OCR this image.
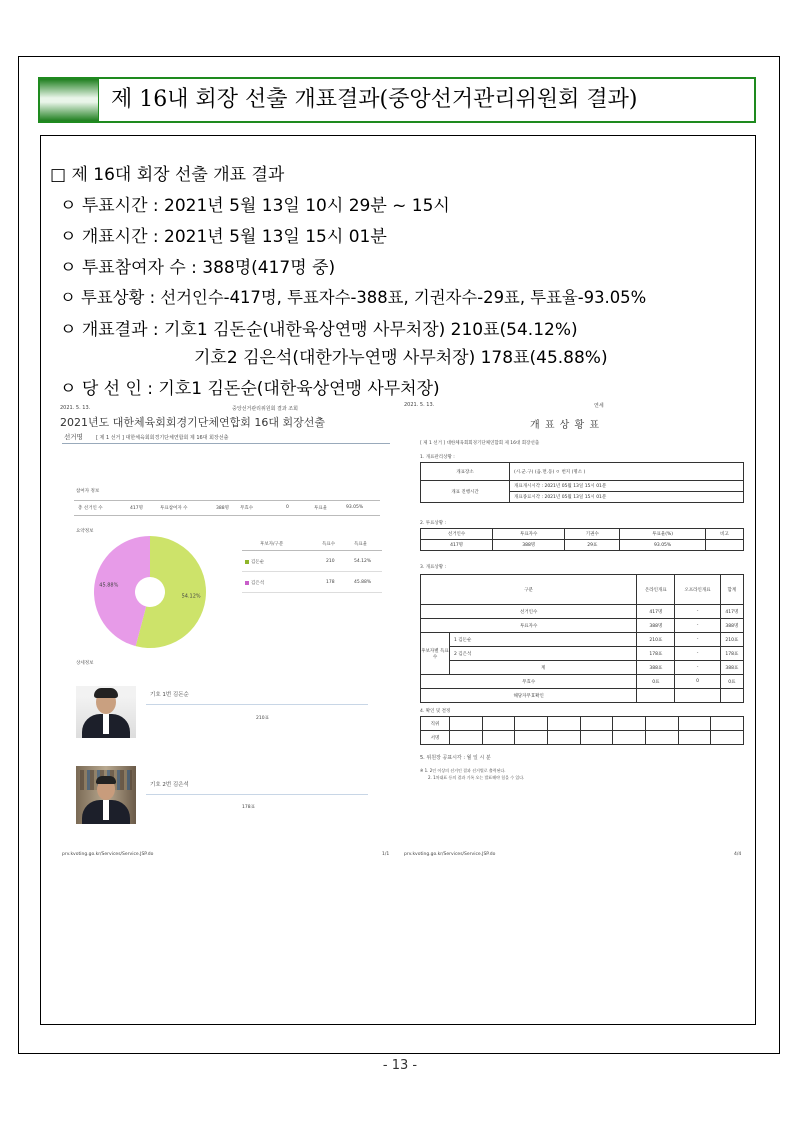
제 16내 회장 선출 개표결과(중앙선거관리위원회 결과)
□ 제 16대 회장 선출 개표 결과
ㅇ 투표시간 : 2021년 5월 13일 10시 29분 ~ 15시
ㅇ 개표시간 : 2021년 5월 13일 15시 01분
ㅇ 투표참여자 수 : 388명(417명 중)
ㅇ 투표상황 : 선거인수-417명, 투표자수-388표, 기권자수-29표, 투표율-93.05%
ㅇ 개표결과 : 기호1 김돈순(내한육상연맹 사무처장) 210표(54.12%)
기호2 김은석(대한가누연맹 사무처장) 178표(45.88%)
ㅇ 당 선 인 : 기호1 김돈순(대한육상연맹 사무처장)
2021. 5. 13.	중앙선거관리위원회 결과 조회
2021년도 대한체육회회경기단체연합회 16대 회장선출
선거명	[ 제 1 선거 ] 대한체육회회경기단체연합회 제 16대 회장선출
참여자 정보
총 선거인 수	417명	투표참여자 수	388명 무효수	0	투표율	93.05%
요약정보
54.12%
45.88%
후보자/구분	득표수	득표율
김돈순	210	54.12%
김은석	178	45.88%
상세정보
기호 1번 김돈순
210표
기호 2번 김은석
178표
prv.kvoting.go.kr/Services/Service.JSP.do	1/1
2021. 5. 13.	연세
개 표 상 황 표
[ 제 1 선거 ] 대한체육회회경기단체연합회 제 16대 회장선출
1. 개표관리상황 :
개표장소	(시.군.구) (읍.면.동) ㅇ 번지 (명소 )
개표 진행시간	개표개시시각 : 2021년 05월 13일 15시 01분
	개표종료시각 : 2021년 05월 13일 15시 01분
2. 투표상황 :
선거인수	투표자수	기권수	투표율(%)	비고
417명	388명	29표	93.05%	
3. 개표상황 :
구분		온라인개표	오프라인개표	합계
선거인수		417명	-	417명
투표자수		388명	-	388명
후보자별 득표수	1 김돈순	210표	-	210표
	2 김은석	178표	-	178표
	계	388표	-	388표
무효수		0표	0	0표
해당자무효확인				
4. 확인 및 결정
직위									
서명									
5. 위원장 공표시각 : 월 일 시 분
※ 1. 2인 이상의 선거인 결과 선거별로 출력된다.
2. 1차대표 등의 결과 기록 오는 발표해야 힘을 수 있다.
prv.kvoting.go.kr/Services/Service.JSP.do	4/4
- 13 -
